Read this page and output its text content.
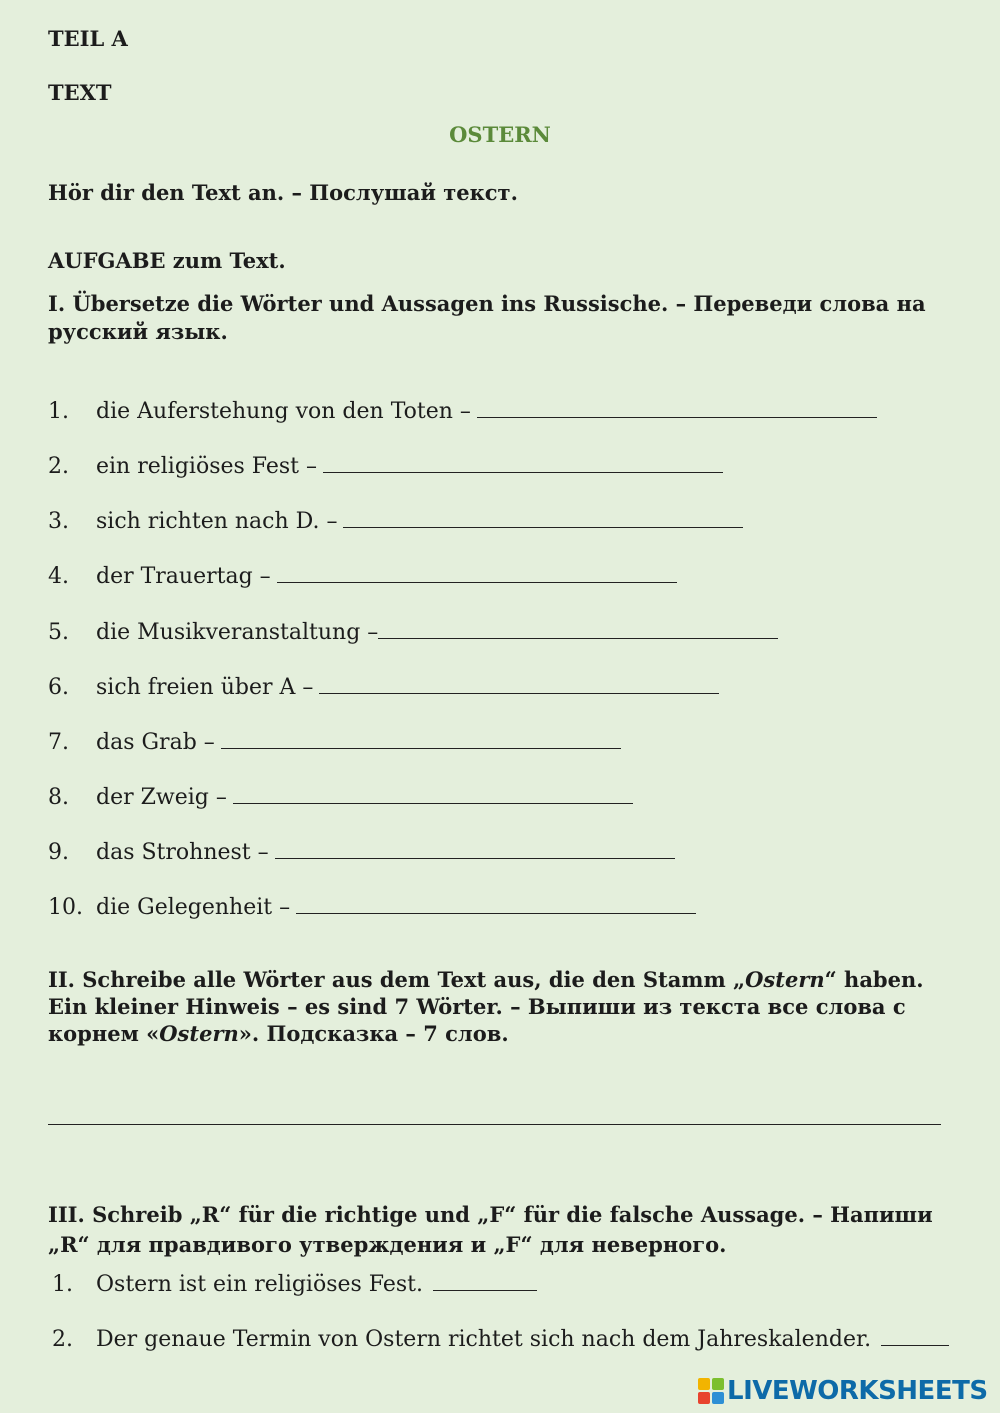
TEIL A

TEXT

OSTERN

Hör dir den Text an. – Послушай текст.

AUFGABE zum Text.

I. Übersetze die Wörter und Aussagen ins Russische. – Переведи слова на русский язык.

1.	die Auferstehung von den Toten –
2.	ein religiöses Fest –
3.	sich richten nach D. –
4.	der Trauertag –
5.	die Musikveranstaltung –
6.	sich freien über A –
7.	das Grab –
8.	der Zweig –
9.	das Strohnest –
10. die Gelegenheit –
II. Schreibe alle Wörter aus dem Text aus, die den Stamm „Ostern“ haben.
Ein kleiner Hinweis – es sind 7 Wörter. – Выпиши из текста все слова с
корнем «Ostern». Подсказка – 7 слов.

III. Schreib „R“ für die richtige und „F“ für die falsche Aussage. – Напиши „R“ для правдивого утверждения и „F“ для неверного.

1.	Ostern ist ein religiöses Fest.
2.	Der genaue Termin von Ostern richtet sich nach dem Jahreskalender.
LIVEWORKSHEETS
